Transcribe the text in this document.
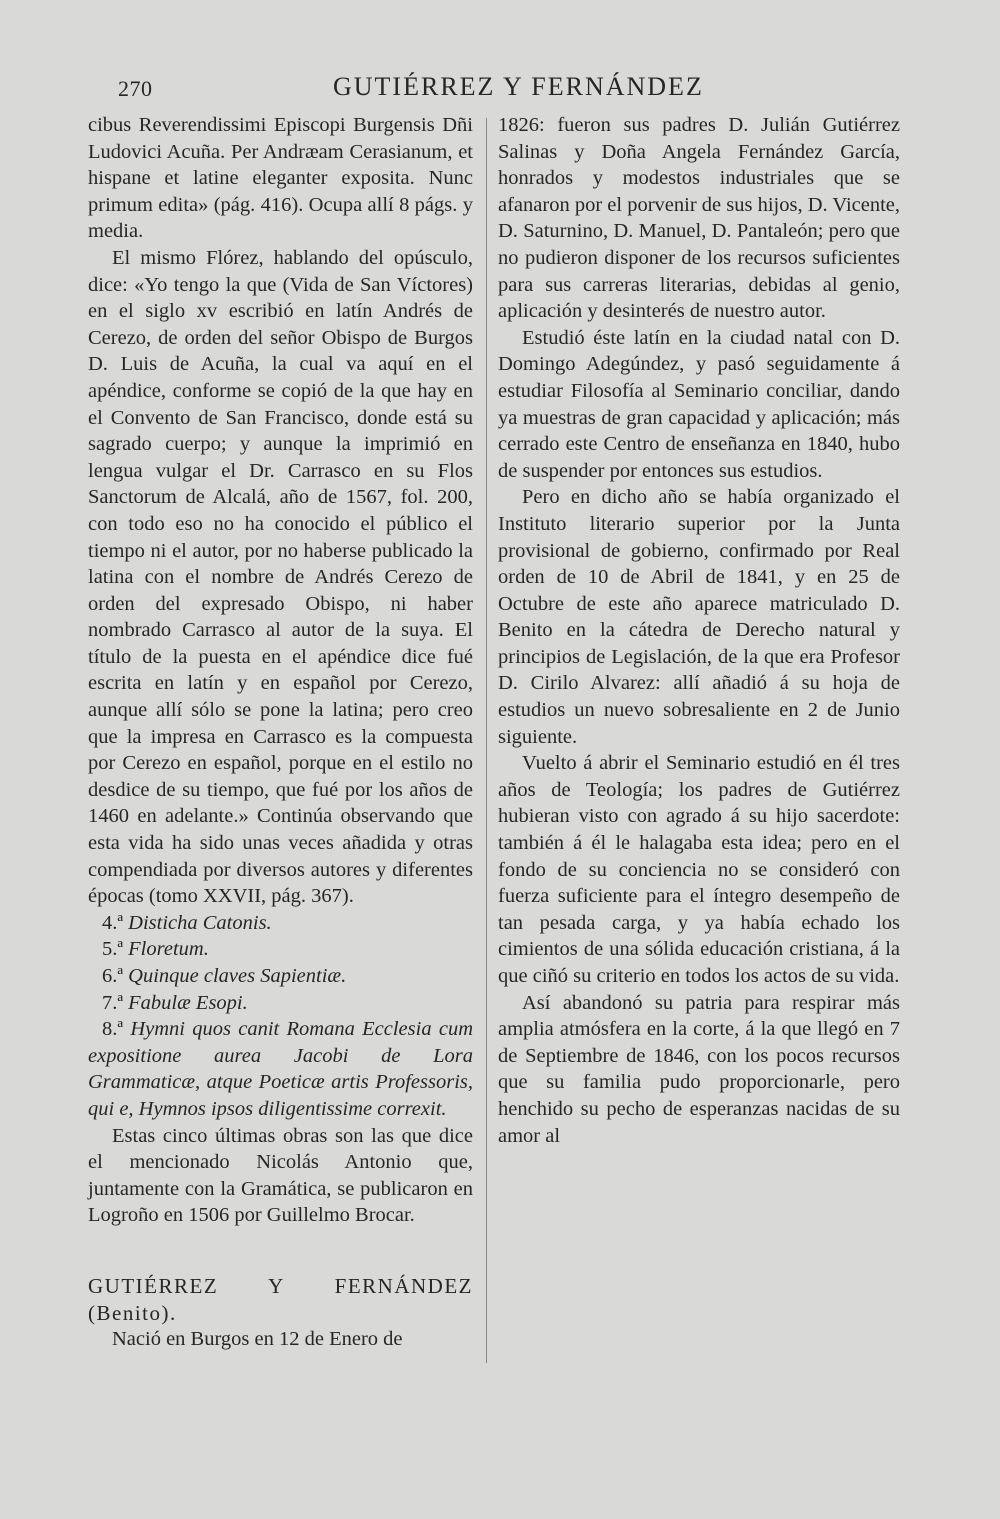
270	GUTIÉRREZ Y FERNÁNDEZ

cibus Reverendissimi Episcopi Burgensis Dñi Ludovici Acuña. Per Andræam Cerasianum, et hispane et latine eleganter exposita. Nunc primum edita» (pág. 416). Ocupa allí 8 págs. y media.

El mismo Flórez, hablando del opúsculo, dice: «Yo tengo la que (Vida de San Víctores) en el siglo xv escribió en latín Andrés de Cerezo, de orden del señor Obispo de Burgos D. Luis de Acuña, la cual va aquí en el apéndice, conforme se copió de la que hay en el Convento de San Francisco, donde está su sagrado cuerpo; y aunque la imprimió en lengua vulgar el Dr. Carrasco en su Flos Sanctorum de Alcalá, año de 1567, fol. 200, con todo eso no ha conocido el público el tiempo ni el autor, por no haberse publicado la latina con el nombre de Andrés Cerezo de orden del expresado Obispo, ni haber nombrado Carrasco al autor de la suya. El título de la puesta en el apéndice dice fué escrita en latín y en español por Cerezo, aunque allí sólo se pone la latina; pero creo que la impresa en Carrasco es la compuesta por Cerezo en español, porque en el estilo no desdice de su tiempo, que fué por los años de 1460 en adelante.» Continúa observando que esta vida ha sido unas veces añadida y otras compendiada por diversos autores y diferentes épocas (tomo XXVII, pág. 367).

4.ª Disticha Catonis.
5.ª Floretum.
6.ª Quinque claves Sapientiæ.
7.ª Fabulæ Esopi.
8.ª Hymni quos canit Romana Ecclesia cum expositione aurea Jacobi de Lora Grammaticæ, atque Poeticæ artis Professoris, qui e, Hymnos ipsos diligentissime correxit.

Estas cinco últimas obras son las que dice el mencionado Nicolás Antonio que, juntamente con la Gramática, se publicaron en Logroño en 1506 por Guillelmo Brocar.

GUTIÉRREZ Y FERNÁNDEZ (Benito).

Nació en Burgos en 12 de Enero de

1826: fueron sus padres D. Julián Gutiérrez Salinas y Doña Angela Fernández García, honrados y modestos industriales que se afanaron por el porvenir de sus hijos, D. Vicente, D. Saturnino, D. Manuel, D. Pantaleón; pero que no pudieron disponer de los recursos suficientes para sus carreras literarias, debidas al genio, aplicación y desinterés de nuestro autor.

Estudió éste latín en la ciudad natal con D. Domingo Adegúndez, y pasó seguidamente á estudiar Filosofía al Seminario conciliar, dando ya muestras de gran capacidad y aplicación; más cerrado este Centro de enseñanza en 1840, hubo de suspender por entonces sus estudios.

Pero en dicho año se había organizado el Instituto literario superior por la Junta provisional de gobierno, confirmado por Real orden de 10 de Abril de 1841, y en 25 de Octubre de este año aparece matriculado D. Benito en la cátedra de Derecho natural y principios de Legislación, de la que era Profesor D. Cirilo Alvarez: allí añadió á su hoja de estudios un nuevo sobresaliente en 2 de Junio siguiente.

Vuelto á abrir el Seminario estudió en él tres años de Teología; los padres de Gutiérrez hubieran visto con agrado á su hijo sacerdote: también á él le halagaba esta idea; pero en el fondo de su conciencia no se consideró con fuerza suficiente para el íntegro desempeño de tan pesada carga, y ya había echado los cimientos de una sólida educación cristiana, á la que ciñó su criterio en todos los actos de su vida.

Así abandonó su patria para respirar más amplia atmósfera en la corte, á la que llegó en 7 de Septiembre de 1846, con los pocos recursos que su familia pudo proporcionarle, pero henchido su pecho de esperanzas nacidas de su amor al
